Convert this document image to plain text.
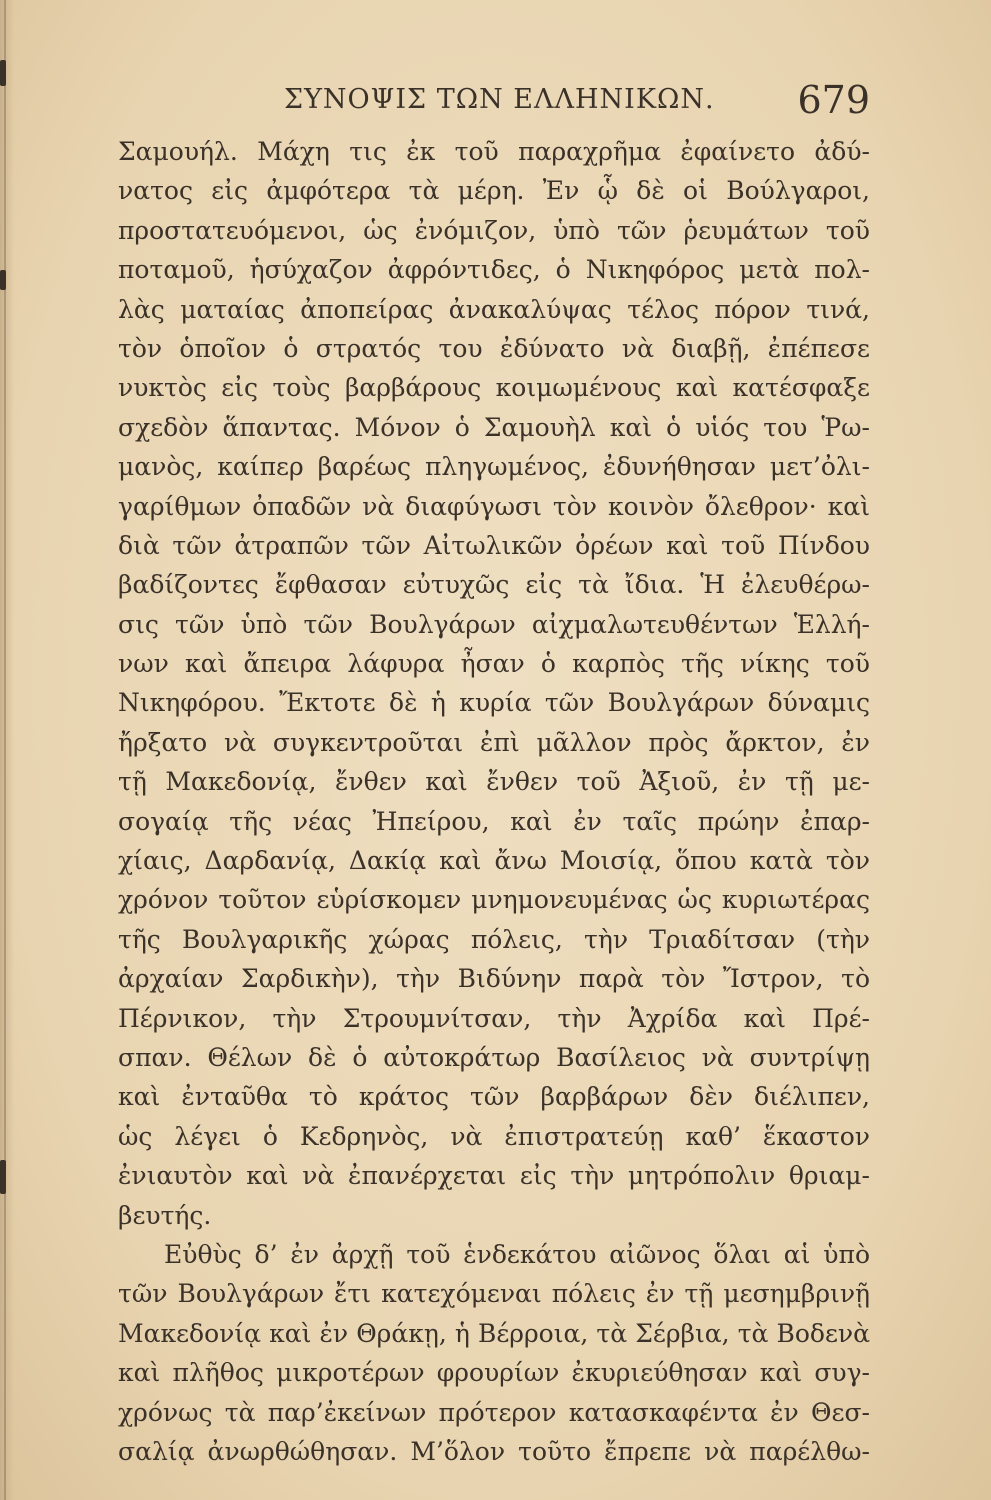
ΣΥΝΟΨΙΣ ΤΩΝ ΕΛΛΗΝΙΚΩΝ. 679
Σαμουήλ. Μάχη τις ἐκ τοῦ παραχρῆμα ἐφαίνετο ἀδύ-
νατος εἰς ἀμφότερα τὰ μέρη. Ἐν ᾧ δὲ οἱ Βούλγαροι,
προστατευόμενοι, ὡς ἐνόμιζον, ὑπὸ τῶν ῥευμάτων τοῦ
ποταμοῦ, ἡσύχαζον ἀφρόντιδες, ὁ Νικηφόρος μετὰ πολ-
λὰς ματαίας ἀποπείρας ἀνακαλύψας τέλος πόρον τινά,
τὸν ὁποῖον ὁ στρατός του ἐδύνατο νὰ διαβῇ, ἐπέπεσε
νυκτὸς εἰς τοὺς βαρβάρους κοιμωμένους καὶ κατέσφαξε
σχεδὸν ἅπαντας. Μόνον ὁ Σαμουὴλ καὶ ὁ υἱός του Ῥω-
μανὸς, καίπερ βαρέως πληγωμένος, ἐδυνήθησαν μετ’ὀλι-
γαρίθμων ὀπαδῶν νὰ διαφύγωσι τὸν κοινὸν ὄλεθρον· καὶ
διὰ τῶν ἀτραπῶν τῶν Αἰτωλικῶν ὀρέων καὶ τοῦ Πίνδου
βαδίζοντες ἔφθασαν εὐτυχῶς εἰς τὰ ἴδια. Ἡ ἐλευθέρω-
σις τῶν ὑπὸ τῶν Βουλγάρων αἰχμαλωτευθέντων Ἑλλή-
νων καὶ ἄπειρα λάφυρα ἦσαν ὁ καρπὸς τῆς νίκης τοῦ
Νικηφόρου. Ἔκτοτε δὲ ἡ κυρία τῶν Βουλγάρων δύναμις
ἤρξατο νὰ συγκεντροῦται ἐπὶ μᾶλλον πρὸς ἄρκτον, ἐν
τῇ Μακεδονίᾳ, ἔνθεν καὶ ἔνθεν τοῦ Ἀξιοῦ, ἐν τῇ με-
σογαίᾳ τῆς νέας Ἠπείρου, καὶ ἐν ταῖς πρώην ἐπαρ-
χίαις, Δαρδανίᾳ, Δακίᾳ καὶ ἄνω Μοισίᾳ, ὅπου κατὰ τὸν
χρόνον τοῦτον εὑρίσκομεν μνημονευμένας ὡς κυριωτέρας
τῆς Βουλγαρικῆς χώρας πόλεις, τὴν Τριαδίτσαν (τὴν
ἀρχαίαν Σαρδικὴν), τὴν Βιδύνην παρὰ τὸν Ἴστρον, τὸ
Πέρνικον, τὴν Στρουμνίτσαν, τὴν Ἀχρίδα καὶ Πρέ-
σπαν. Θέλων δὲ ὁ αὐτοκράτωρ Βασίλειος νὰ συντρίψῃ
καὶ ἐνταῦθα τὸ κράτος τῶν βαρβάρων δὲν διέλιπεν,
ὡς λέγει ὁ Κεδρηνὸς, νὰ ἐπιστρατεύῃ καθ’ ἕκαστον
ἐνιαυτὸν καὶ νὰ ἐπανέρχεται εἰς τὴν μητρόπολιν θριαμ-
βευτής.
Εὐθὺς δ’ ἐν ἀρχῇ τοῦ ἑνδεκάτου αἰῶνος ὅλαι αἱ ὑπὸ
τῶν Βουλγάρων ἔτι κατεχόμεναι πόλεις ἐν τῇ μεσημβρινῇ
Μακεδονίᾳ καὶ ἐν Θράκῃ, ἡ Βέρροια, τὰ Σέρβια, τὰ Βοδενὰ
καὶ πλῆθος μικροτέρων φρουρίων ἐκυριεύθησαν καὶ συγ-
χρόνως τὰ παρ’ἐκείνων πρότερον κατασκαφέντα ἐν Θεσ-
σαλίᾳ ἀνωρθώθησαν. Μ’ὅλον τοῦτο ἔπρεπε νὰ παρέλθω-
